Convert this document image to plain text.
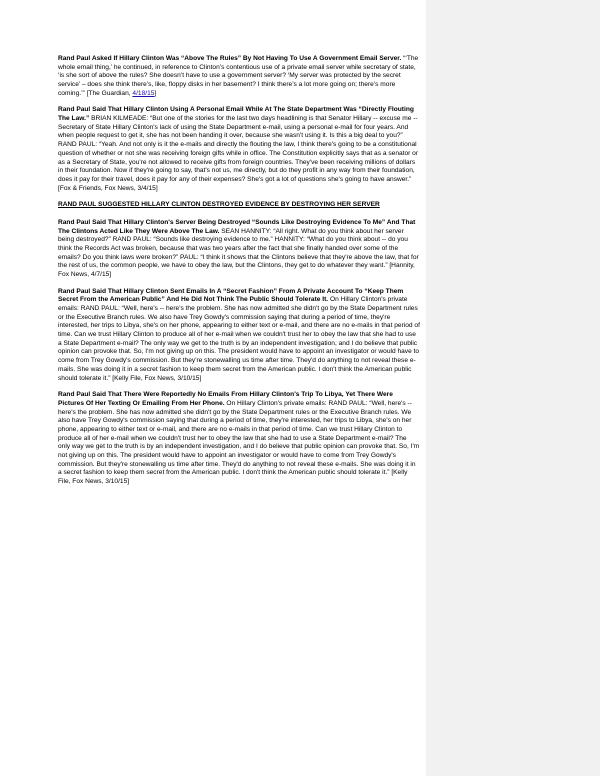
Rand Paul Asked If Hillary Clinton Was “Above The Rules” By Not Having To Use A Government Email Server. “‘The whole email thing,’ he continued, in reference to Clinton’s contentious use of a private email server while secretary of state, ‘is she sort of above the rules? She doesn’t have to use a government server? ‘My server was protected by the secret service’ – does she think there’s, like, floppy disks in her basement? I think there’s a lot more going on; there’s more coming.’” [The Guardian, 4/18/15]

Rand Paul Said That Hillary Clinton Using A Personal Email While At The State Department Was “Directly Flouting The Law.” BRIAN KILMEADE: “But one of the stories for the last two days headlining is that Senator Hillary -- excuse me -- Secretary of State Hillary Clinton's lack of using the State Department e-mail, using a personal e-mail for four years. And when people request to get it, she has not been handing it over, because she wasn't using it. Is this a big deal to you?” RAND PAUL: “Yeah. And not only is it the e-mails and directly the flouting the law, I think there's going to be a constitutional question of whether or not she was receiving foreign gifts while in office. The Constitution explicitly says that as a senator or as a Secretary of State, you're not allowed to receive gifts from foreign countries. They've been receiving millions of dollars in their foundation. Now if they're going to say, that's not us, me directly, but do they profit in any way from their foundation, does it pay for their travel, does it pay for any of their expenses? She's got a lot of questions she's going to have answer.” [Fox & Friends, Fox News, 3/4/15]

RAND PAUL SUGGESTED HILLARY CLINTON DESTROYED EVIDENCE BY DESTROYING HER SERVER

Rand Paul Said That Hillary Clinton's Server Being Destroyed “Sounds Like Destroying Evidence To Me” And That The Clintons Acted Like They Were Above The Law. SEAN HANNITY: “All right. What do you think about her server being destroyed?” RAND PAUL: “Sounds like destroying evidence to me.” HANNITY: “What do you think about -- do you think the Records Act was broken, because that was two years after the fact that she finally handed over some of the emails? Do you think laws were broken?” PAUL: “I think it shows that the Clintons believe that they're above the law, that for the rest of us, the common people, we have to obey the law, but the Clintons, they get to do whatever they want.” [Hannity, Fox News, 4/7/15]

Rand Paul Said That Hillary Clinton Sent Emails In A “Secret Fashion” From A Private Account To “Keep Them Secret From the American Public” And He Did Not Think The Public Should Tolerate It. On Hillary Clinton's private emails: RAND PAUL: “Well, here's -- here's the problem. She has now admitted she didn't go by the State Department rules or the Executive Branch rules. We also have Trey Gowdy's commission saying that during a period of time, they're interested, her trips to Libya, she's on her phone, appearing to either text or e-mail, and there are no e-mails in that period of time. Can we trust Hillary Clinton to produce all of her e-mail when we couldn't trust her to obey the law that she had to use a State Department e-mail? The only way we get to the truth is by an independent investigation, and I do believe that public opinion can provoke that. So, I'm not giving up on this. The president would have to appoint an investigator or would have to come from Trey Gowdy's commission. But they're stonewalling us time after time. They'd do anything to not reveal these e-mails. She was doing it in a secret fashion to keep them secret from the American public. I don't think the American public should tolerate it.” [Kelly File, Fox News, 3/10/15]

Rand Paul Said That There Were Reportedly No Emails From Hillary Clinton's Trip To Libya, Yet There Were Pictures Of Her Texting Or Emailing From Her Phone. On Hillary Clinton's private emails: RAND PAUL: “Well, here's -- here's the problem. She has now admitted she didn't go by the State Department rules or the Executive Branch rules. We also have Trey Gowdy's commission saying that during a period of time, they're interested, her trips to Libya, she's on her phone, appearing to either text or e-mail, and there are no e-mails in that period of time. Can we trust Hillary Clinton to produce all of her e-mail when we couldn't trust her to obey the law that she had to use a State Department e-mail? The only way we get to the truth is by an independent investigation, and I do believe that public opinion can provoke that. So, I'm not giving up on this. The president would have to appoint an investigator or would have to come from Trey Gowdy's commission. But they're stonewalling us time after time. They'd do anything to not reveal these e-mails. She was doing it in a secret fashion to keep them secret from the American public. I don't think the American public should tolerate it.” [Kelly File, Fox News, 3/10/15]
